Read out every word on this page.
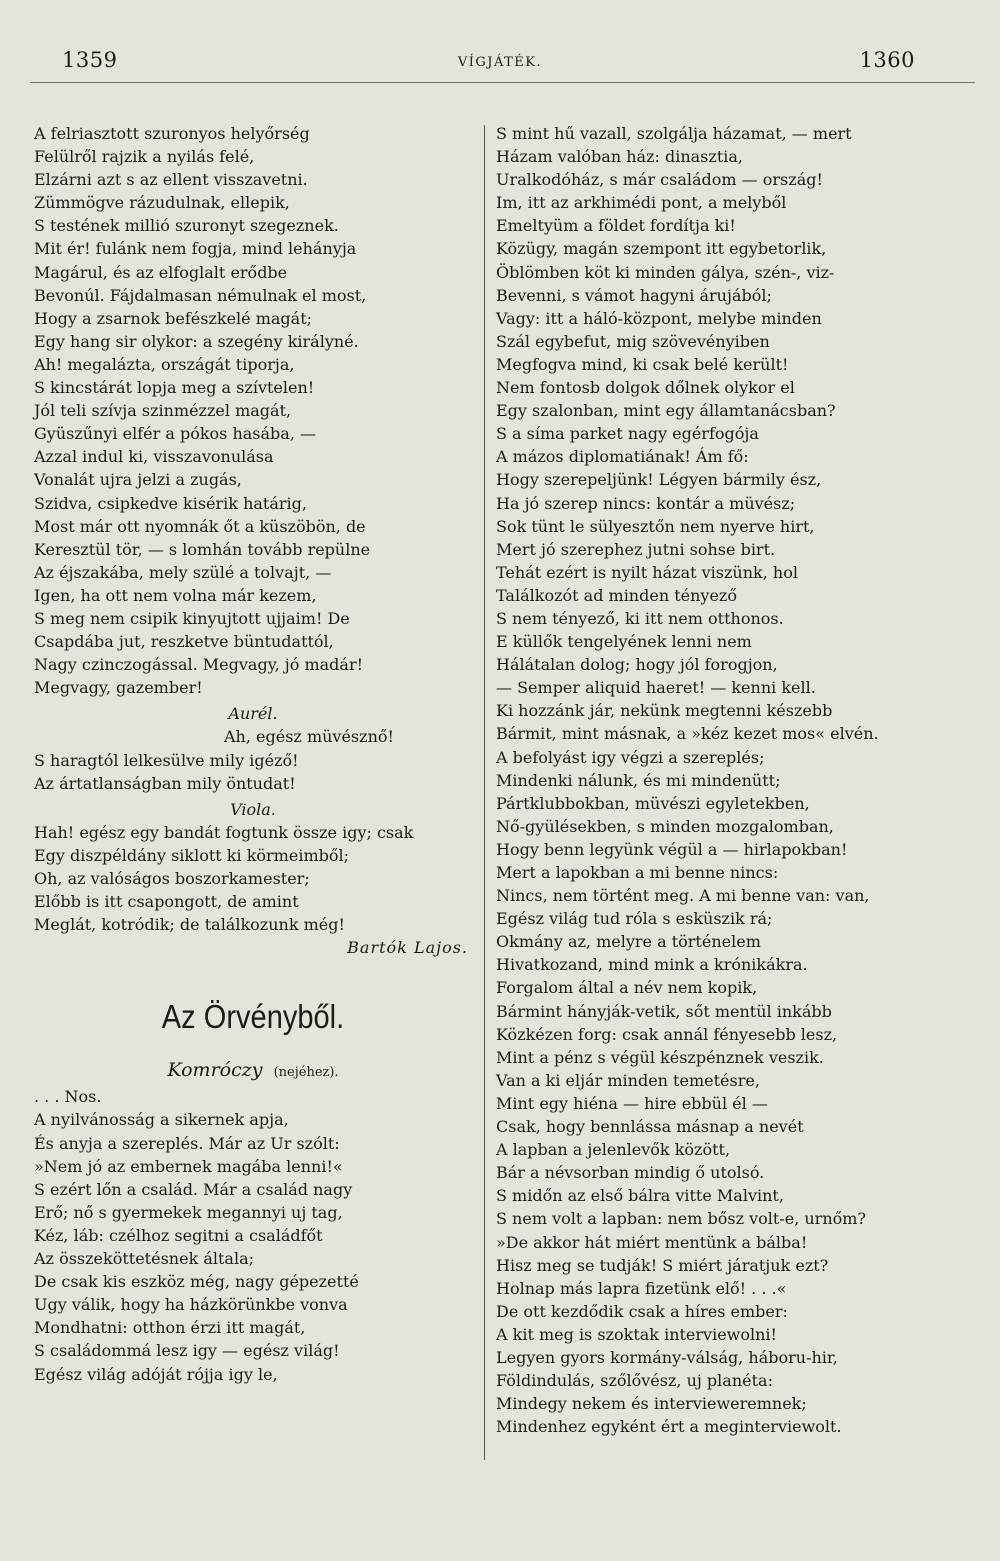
1359	VÍGJÁTÉK.	1360
A felriasztott szuronyos helyőrség
Felülről rajzik a nyilás felé,
Elzárni azt s az ellent visszavetni.
Zümmögve rázudulnak, ellepik,
S testének millió szuronyt szegeznek.
Mit ér! fulánk nem fogja, mind lehányja
Magárul, és az elfoglalt erődbe
Bevonúl. Fájdalmasan némulnak el most,
Hogy a zsarnok befészkelé magát;
Egy hang sir olykor: a szegény királyné.
Ah! megalázta, országát tiporja,
S kincstárát lopja meg a szívtelen!
Jól teli szívja szinmézzel magát,
Gyüszűnyi elfér a pókos hasába, —
Azzal indul ki, visszavonulása
Vonalát ujra jelzi a zugás,
Szidva, csipkedve kisérik határig,
Most már ott nyomnák őt a küszöbön, de
Keresztül tör, — s lomhán tovább repülne
Az éjszakába, mely szülé a tolvajt, —
Igen, ha ott nem volna már kezem,
S meg nem csipik kinyujtott ujjaim! De
Csapdába jut, reszketve büntudattól,
Nagy czinczogással. Megvagy, jó madár!
Megvagy, gazember!
Aurél.
Ah, egész müvésznő!
S haragtól lelkesülve mily igéző!
Az ártatlanságban mily öntudat!
Viola.
Hah! egész egy bandát fogtunk össze igy; csak
Egy diszpéldány siklott ki körmeimből;
Oh, az valóságos boszorkamester;
Előbb is itt csapongott, de amint
Meglát, kotródik; de találkozunk még!
Bartók Lajos.
Az Örvényből.
Komróczy (nejéhez).
. . . Nos.
A nyilvánosság a sikernek apja,
És anyja a szereplés. Már az Ur szólt:
»Nem jó az embernek magába lenni!«
S ezért lőn a család. Már a család nagy
Erő; nő s gyermekek megannyi uj tag,
Kéz, láb: czélhoz segitni a családfőt
Az összeköttetésnek általa;
De csak kis eszköz még, nagy gépezetté
Ugy válik, hogy ha házkörünkbe vonva
Mondhatni: otthon érzi itt magát,
S családommá lesz igy — egész világ!
Egész világ adóját rójja igy le,
S mint hű vazall, szolgálja házamat, — mert
Házam valóban ház: dinasztia,
Uralkodóház, s már családom — ország!
Im, itt az arkhimédi pont, a melyből
Emeltyüm a földet fordítja ki!
Közügy, magán szempont itt egybetorlik,
Öblömben köt ki minden gálya, szén-, viz-
Bevenni, s vámot hagyni árujából;
Vagy: itt a háló-központ, melybe minden
Szál egybefut, mig szövevényiben
Megfogva mind, ki csak belé került!
Nem fontosb dolgok dőlnek olykor el
Egy szalonban, mint egy államtanácsban?
S a síma parket nagy egérfogója
A mázos diplomatiának! Ám fő:
Hogy szerepeljünk! Légyen bármily ész,
Ha jó szerep nincs: kontár a müvész;
Sok tünt le sülyesztőn nem nyerve hirt,
Mert jó szerephez jutni sohse birt.
Tehát ezért is nyilt házat viszünk, hol
Találkozót ad minden tényező
S nem tényező, ki itt nem otthonos.
E küllők tengelyének lenni nem
Hálátalan dolog; hogy jól forogjon,
— Semper aliquid haeret! — kenni kell.
Ki hozzánk jár, nekünk megtenni készebb
Bármit, mint másnak, a »kéz kezet mos« elvén.
A befolyást igy végzi a szereplés;
Mindenki nálunk, és mi mindenütt;
Pártklubbokban, müvészi egyletekben,
Nő-gyülésekben, s minden mozgalomban,
Hogy benn legyünk végül a — hirlapokban!
Mert a lapokban a mi benne nincs:
Nincs, nem történt meg. A mi benne van: van,
Egész világ tud róla s esküszik rá;
Okmány az, melyre a történelem
Hivatkozand, mind mink a krónikákra.
Forgalom által a név nem kopik,
Bármint hányják-vetik, sőt mentül inkább
Közkézen forg: csak annál fényesebb lesz,
Mint a pénz s végül készpénznek veszik.
Van a ki eljár minden temetésre,
Mint egy hiéna — hire ebbül él —
Csak, hogy bennlássa másnap a nevét
A lapban a jelenlevők között,
Bár a névsorban mindig ő utolsó.
S midőn az első bálra vitte Malvint,
S nem volt a lapban: nem bősz volt-e, urnőm?
»De akkor hát miért mentünk a bálba!
Hisz meg se tudják! S miért járatjuk ezt?
Holnap más lapra fizetünk elő! . . .«
De ott kezdődik csak a híres ember:
A kit meg is szoktak interviewolni!
Legyen gyors kormány-válság, háboru-hir,
Földindulás, szőlővész, uj planéta:
Mindegy nekem és intervieweremnek;
Mindenhez egyként ért a meginterviewolt.
